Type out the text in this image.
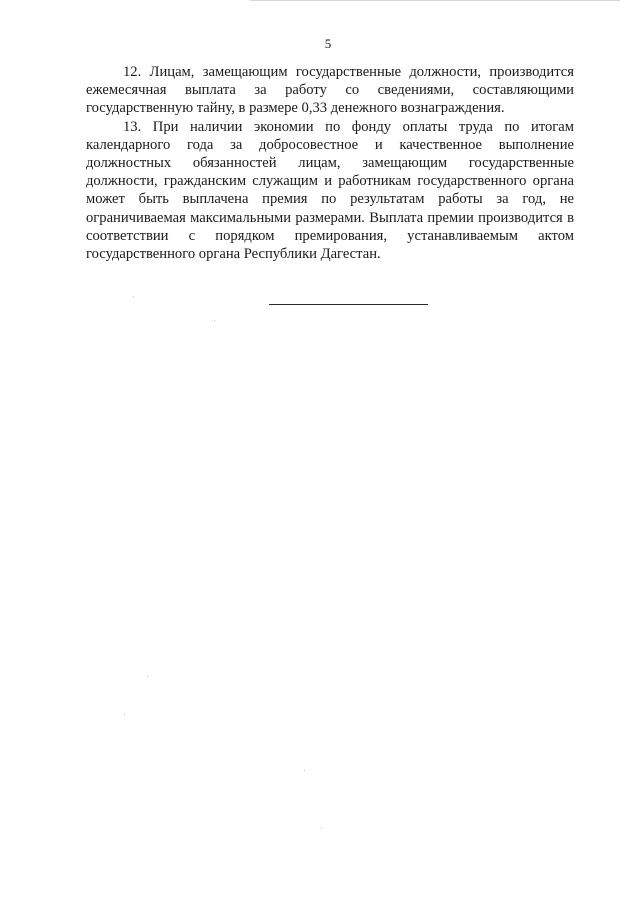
5

12. Лицам, замещающим государственные должности, производится ежемесячная выплата за работу со сведениями, составляющими государственную тайну, в размере 0,33 денежного вознаграждения.

13. При наличии экономии по фонду оплаты труда по итогам календарного года за добросовестное и качественное выполнение должностных обязанностей лицам, замещающим государственные должности, гражданским служащим и работникам государственного органа может быть выплачена премия по результатам работы за год, не ограничиваемая максимальными размерами. Выплата премии производится в соответствии с порядком премирования, устанавливаемым актом государственного органа Республики Дагестан.
